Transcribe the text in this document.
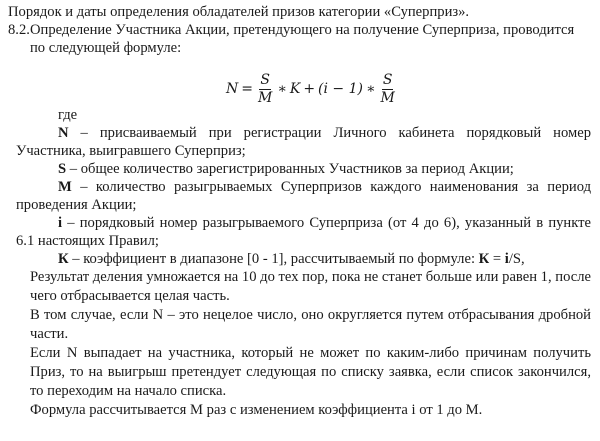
Порядок и даты определения обладателей призов категории «Суперприз».
8.2. Определение Участника Акции, претендующего на получение Суперприза, проводится
по следующей формуле:
$N = \frac{S}{M}$ ∗ K + (i − 1) ∗ $\frac{S}{M}$
где
N – присваиваемый при регистрации Личного кабинета порядковый номер
Участника, выигравшего Суперприз;
S – общее количество зарегистрированных Участников за период Акции;
М – количество разыгрываемых Суперпризов каждого наименования за период
проведения Акции;
i – порядковый номер разыгрываемого Суперприза (от 4 до 6), указанный в пункте
6.1 настоящих Правил;
К – коэффициент в диапазоне [0 - 1], рассчитываемый по формуле: К = i/S,
Результат деления умножается на 10 до тех пор, пока не станет больше или равен 1, после
чего отбрасывается целая часть.
В том случае, если N – это нецелое число, оно округляется путем отбрасывания дробной
части.
Если N выпадает на участника, который не может по каким-либо причинам получить
Приз, то на выигрыш претендует следующая по списку заявка, если список закончился,
то переходим на начало списка.
Формула рассчитывается М раз с изменением коэффициента i от 1 до М.
